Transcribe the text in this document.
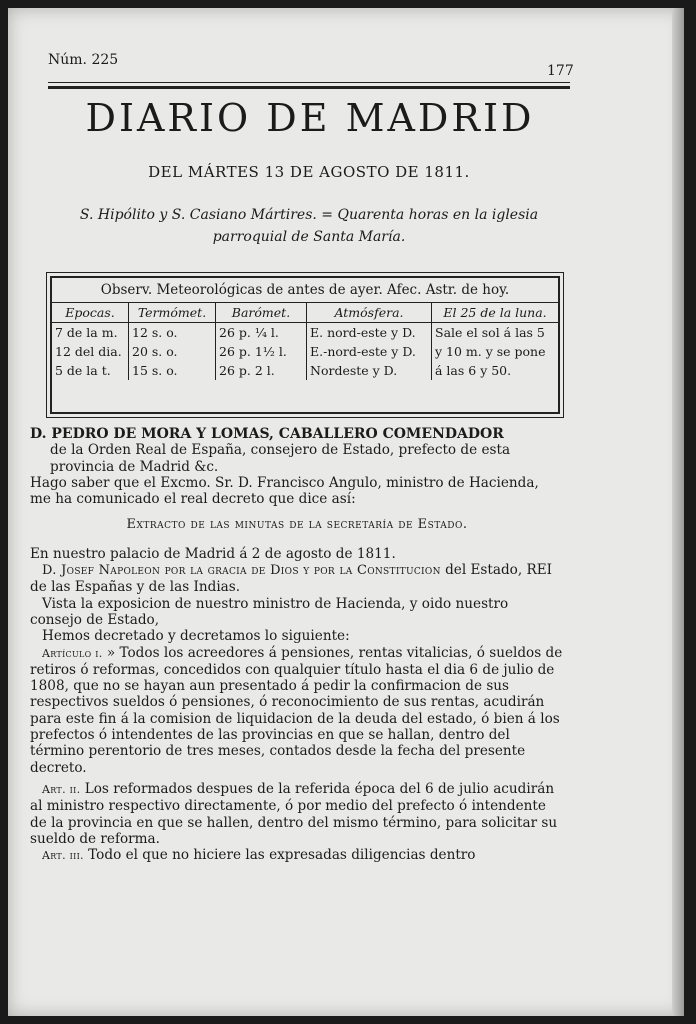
Núm. 225
177
DIARIO DE MADRID
DEL MÁRTES 13 DE AGOSTO DE 1811.
S. Hipólito y S. Casiano Mártires. = Quarenta horas en la iglesia
parroquial de Santa María.
Observ. Meteorológicas de antes de ayer. Afec. Astr. de hoy.
Epocas.	Termómet.	Barómet.	Atmósfera.	El 25 de la luna.
7 de la m.	12 s. o.	26 p. ¼ l.	E. nord-este y D.	Sale el sol á las 5 y 10 m. y se pone á las 6 y 50.
12 del dia.	20 s. o.	26 p. 1½ l.	E.-nord-este y D.	
5 de la t.	15 s. o.	26 p. 2 l.	Nordeste y D.	

D. PEDRO DE MORA Y LOMAS, CABALLERO COMENDADOR

de la Orden Real de España, consejero de Estado, prefecto de esta provincia de Madrid &c.

Hago saber que el Excmo. Sr. D. Francisco Angulo, ministro de Hacienda, me ha comunicado el real decreto que dice así:

Extracto de las minutas de la secretaría de Estado.

En nuestro palacio de Madrid á 2 de agosto de 1811.

D. Josef Napoleon por la gracia de Dios y por la Constitucion del Estado, REI de las Españas y de las Indias.

Vista la exposicion de nuestro ministro de Hacienda, y oido nuestro consejo de Estado,

Hemos decretado y decretamos lo siguiente:

Artículo i. » Todos los acreedores á pensiones, rentas vitalicias, ó sueldos de retiros ó reformas, concedidos con qualquier título hasta el dia 6 de julio de 1808, que no se hayan aun presentado á pedir la confirmacion de sus respectivos sueldos ó pensiones, ó reconocimiento de sus rentas, acudirán para este fin á la comision de liquidacion de la deuda del estado, ó bien á los prefectos ó intendentes de las provincias en que se hallan, dentro del término perentorio de tres meses, contados desde la fecha del presente decreto.

Art. ii. Los reformados despues de la referida época del 6 de julio acudirán al ministro respectivo directamente, ó por medio del prefecto ó intendente de la provincia en que se hallen, dentro del mismo término, para solicitar su sueldo de reforma.

Art. iii. Todo el que no hiciere las expresadas diligencias dentro
